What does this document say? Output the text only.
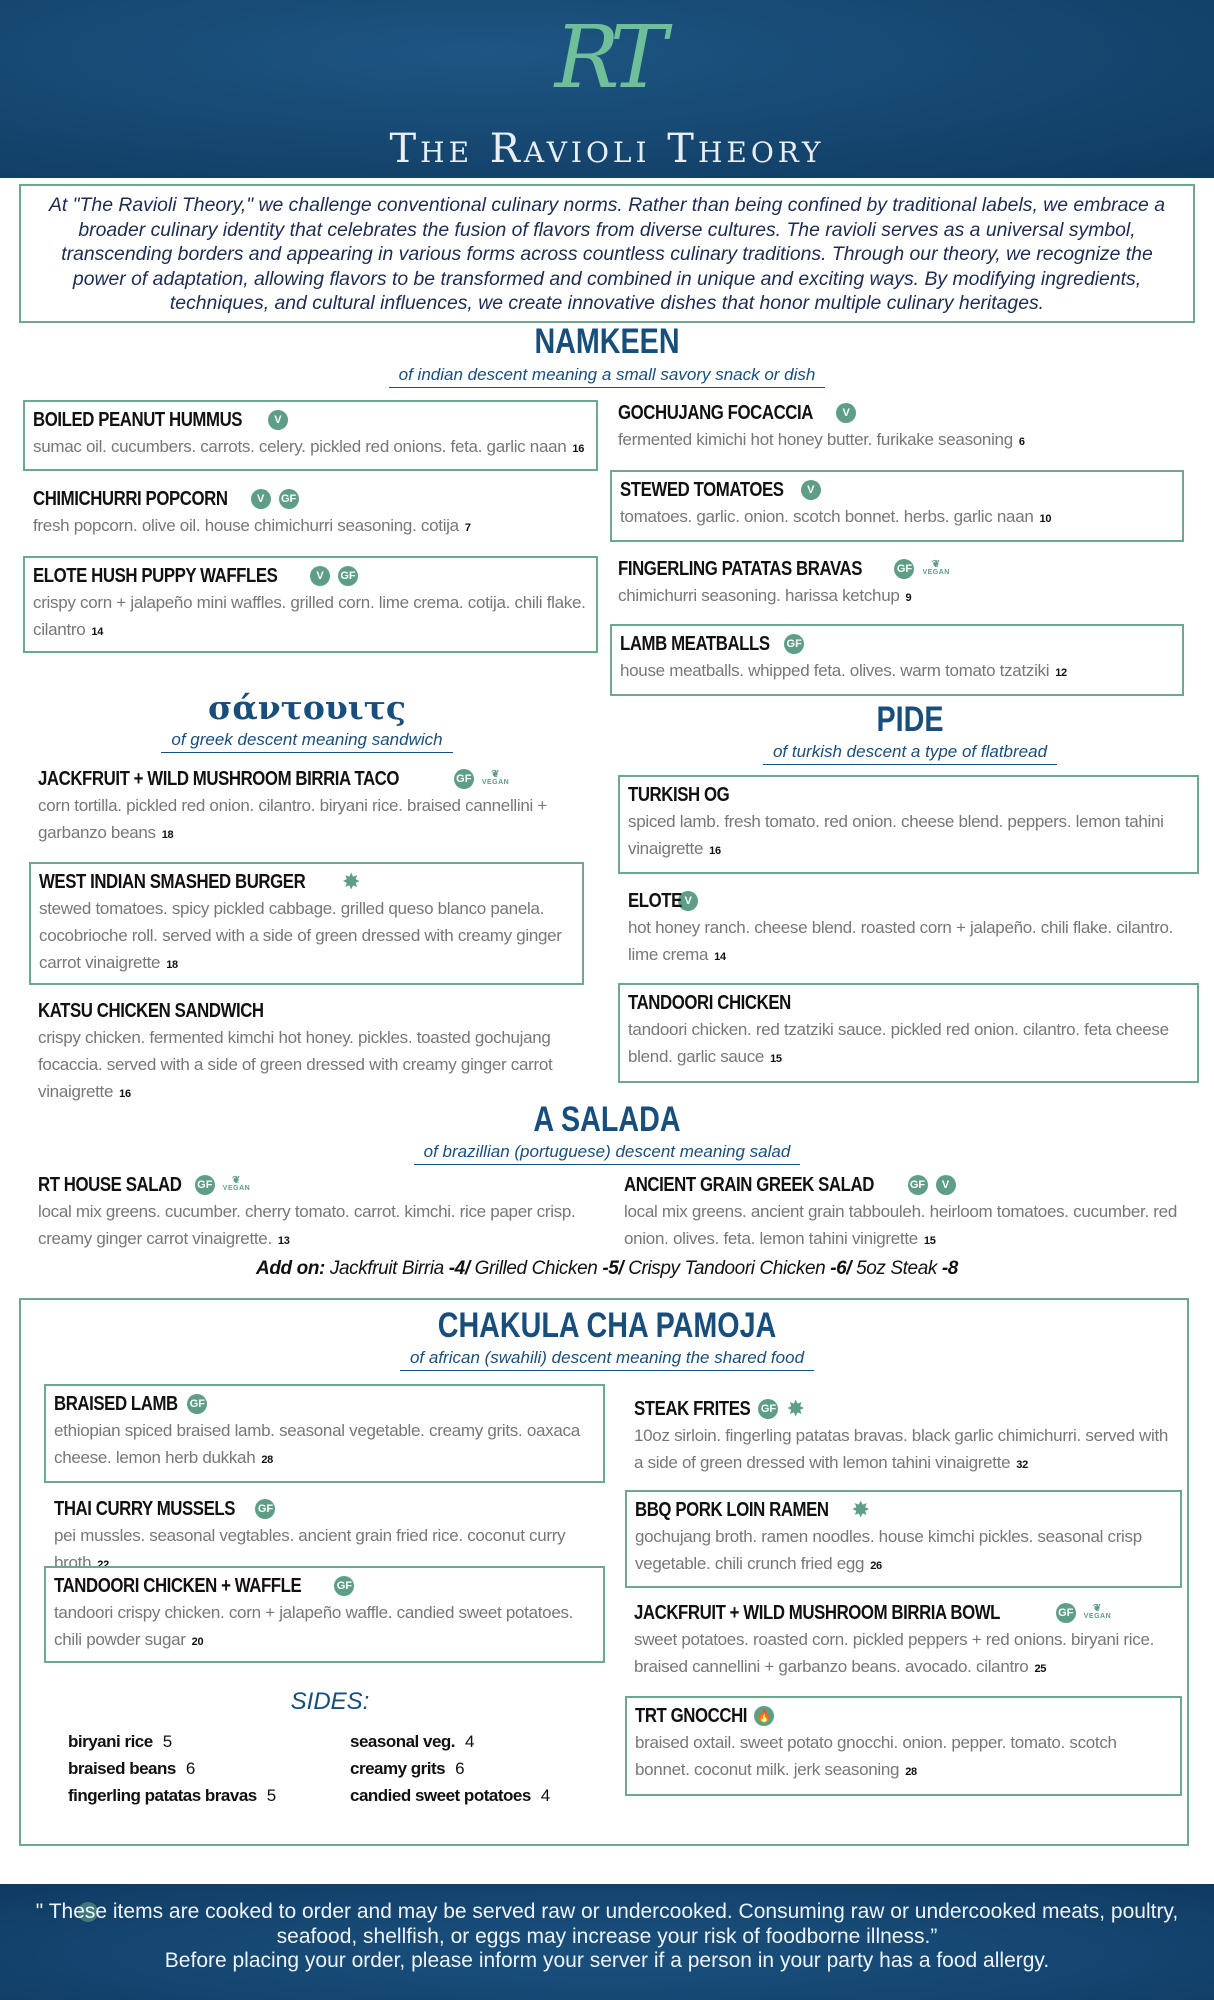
RT
The Ravioli Theory
At "The Ravioli Theory," we challenge conventional culinary norms. Rather than being confined by traditional labels, we embrace a broader culinary identity that celebrates the fusion of flavors from diverse cultures. The ravioli serves as a universal symbol, transcending borders and appearing in various forms across countless culinary traditions. Through our theory, we recognize the power of adaptation, allowing flavors to be transformed and combined in unique and exciting ways. By modifying ingredients, techniques, and cultural influences, we create innovative dishes that honor multiple culinary heritages.
NAMKEEN
of indian descent meaning a small savory snack or dish
BOILED PEANUT HUMMUS	V
sumac oil. cucumbers. carrots. celery. pickled red onions. feta. garlic naan 16
CHIMICHURRI POPCORN	V	GF
fresh popcorn. olive oil. house chimichurri seasoning. cotija 7
ELOTE HUSH PUPPY WAFFLES	V	GF
crispy corn + jalapeño mini waffles. grilled corn. lime crema. cotija. chili flake. cilantro 14
GOCHUJANG FOCACCIA	V
fermented kimichi hot honey butter. furikake seasoning 6
STEWED TOMATOES	V
tomatoes. garlic. onion. scotch bonnet. herbs. garlic naan 10
FINGERLING PATATAS BRAVAS	GF	❦ VEGAN
chimichurri seasoning. harissa ketchup 9
LAMB MEATBALLS GF
house meatballs. whipped feta. olives. warm tomato tzatziki 12
σάντουιτς
of greek descent meaning sandwich
JACKFRUIT + WILD MUSHROOM BIRRIA TACO	GF	❦ VEGAN
corn tortilla. pickled red onion. cilantro. biryani rice. braised cannellini + garbanzo beans 18
WEST INDIAN SMASHED BURGER ✸
stewed tomatoes. spicy pickled cabbage. grilled queso blanco panela. cocobrioche roll. served with a side of green dressed with creamy ginger carrot vinaigrette 18
KATSU CHICKEN SANDWICH
crispy chicken. fermented kimchi hot honey. pickles. toasted gochujang focaccia. served with a side of green dressed with creamy ginger carrot vinaigrette 16
PIDE
of turkish descent a type of flatbread
TURKISH OG
spiced lamb. fresh tomato. red onion. cheese blend. peppers. lemon tahini vinaigrette 16
ELOTE V
hot honey ranch. cheese blend. roasted corn + jalapeño. chili flake. cilantro. lime crema 14
TANDOORI CHICKEN
tandoori chicken. red tzatziki sauce. pickled red onion. cilantro. feta cheese blend. garlic sauce 15
A SALADA
of brazillian (portuguese) descent meaning salad
RT HOUSE SALAD GF	❦ VEGAN
local mix greens. cucumber. cherry tomato. carrot. kimchi. rice paper crisp. creamy ginger carrot vinaigrette. 13
ANCIENT GRAIN GREEK SALAD	GF	V
local mix greens. ancient grain tabbouleh. heirloom tomatoes. cucumber. red onion. olives. feta. lemon tahini vinigrette 15
Add on: Jackfruit Birria -4/ Grilled Chicken -5/ Crispy Tandoori Chicken -6/ 5oz Steak -8
CHAKULA CHA PAMOJA
of african (swahili) descent meaning the shared food
BRAISED LAMB GF
ethiopian spiced braised lamb. seasonal vegetable. creamy grits. oaxaca cheese. lemon herb dukkah 28
THAI CURRY MUSSELS GF
pei mussles. seasonal vegtables. ancient grain fried rice. coconut curry broth 22
TANDOORI CHICKEN + WAFFLE	GF
tandoori crispy chicken. corn + jalapeño waffle. candied sweet potatoes. chili powder sugar 20
STEAK FRITES GF ✸
10oz sirloin. fingerling patatas bravas. black garlic chimichurri. served with a side of green dressed with lemon tahini vinaigrette 32
BBQ PORK LOIN RAMEN ✸
gochujang broth. ramen noodles. house kimchi pickles. seasonal crisp vegetable. chili crunch fried egg 26
JACKFRUIT + WILD MUSHROOM BIRRIA BOWL	GF	❦ VEGAN
sweet potatoes. roasted corn. pickled peppers + red onions. biryani rice. braised cannellini + garbanzo beans. avocado. cilantro 25
TRT GNOCCHI 🔥
braised oxtail. sweet potato gnocchi. onion. pepper. tomato. scotch bonnet. coconut milk. jerk seasoning 28
SIDES:
biryani rice 5
braised beans 6
fingerling patatas bravas 5
seasonal veg. 4
creamy grits 6
candied sweet potatoes 4
" These items are cooked to order and may be served raw or undercooked. Consuming raw or undercooked meats, poultry, seafood, shellfish, or eggs may increase your risk of foodborne illness.”
Before placing your order, please inform your server if a person in your party has a food allergy.
